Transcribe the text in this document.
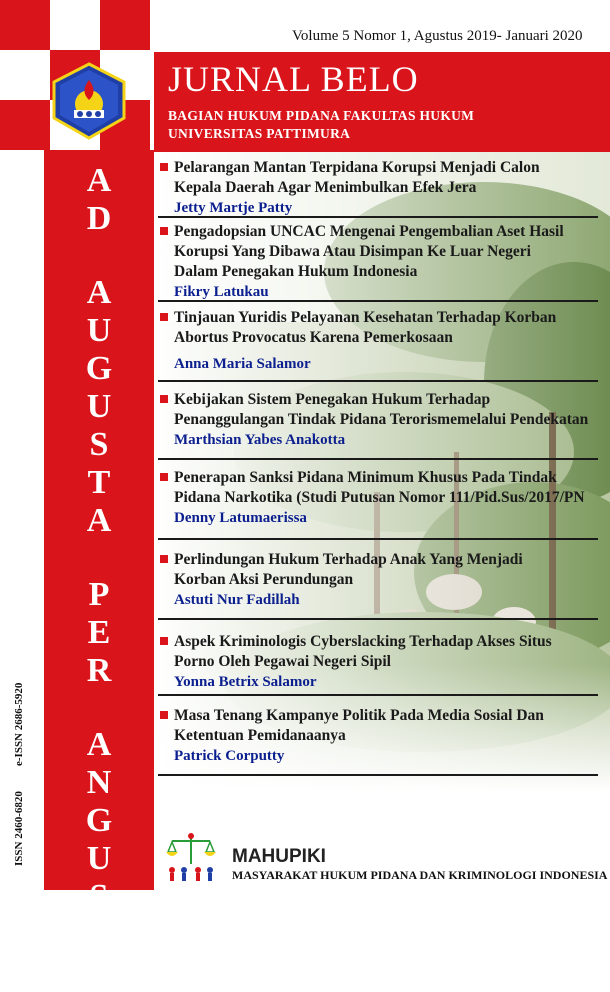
A
D
A
U
G
U
S
T
A
P
E
R
A
N
G
U
S
T
A
ISSN 2460-6820
e-ISSN 2686-5920
Volume 5 Nomor 1, Agustus 2019- Januari 2020
JURNAL BELO
BAGIAN HUKUM PIDANA FAKULTAS HUKUM
UNIVERSITAS PATTIMURA
Pelarangan Mantan Terpidana Korupsi Menjadi Calon
Kepala Daerah Agar Menimbulkan Efek Jera
Jetty Martje Patty
Pengadopsian UNCAC Mengenai Pengembalian Aset Hasil
Korupsi Yang Dibawa Atau Disimpan Ke Luar Negeri
Dalam Penegakan Hukum Indonesia
Fikry Latukau
Tinjauan Yuridis Pelayanan Kesehatan Terhadap Korban
Abortus Provocatus Karena Pemerkosaan
Anna Maria Salamor
Kebijakan Sistem Penegakan Hukum Terhadap
Penanggulangan Tindak Pidana Terorismemelalui Pendekatan
Marthsian Yabes Anakotta
Penerapan Sanksi Pidana Minimum Khusus Pada Tindak
Pidana Narkotika (Studi Putusan Nomor 111/Pid.Sus/2017/PN
Denny Latumaerissa
Perlindungan Hukum Terhadap Anak Yang Menjadi
Korban Aksi Perundungan
Astuti Nur Fadillah
Aspek Kriminologis Cyberslacking Terhadap Akses Situs
Porno Oleh Pegawai Negeri Sipil
Yonna Betrix Salamor
Masa Tenang Kampanye Politik Pada Media Sosial Dan
Ketentuan Pemidanaanya
Patrick Corputty
MAHUPIKI
MASYARAKAT HUKUM PIDANA DAN KRIMINOLOGI INDONESIA
